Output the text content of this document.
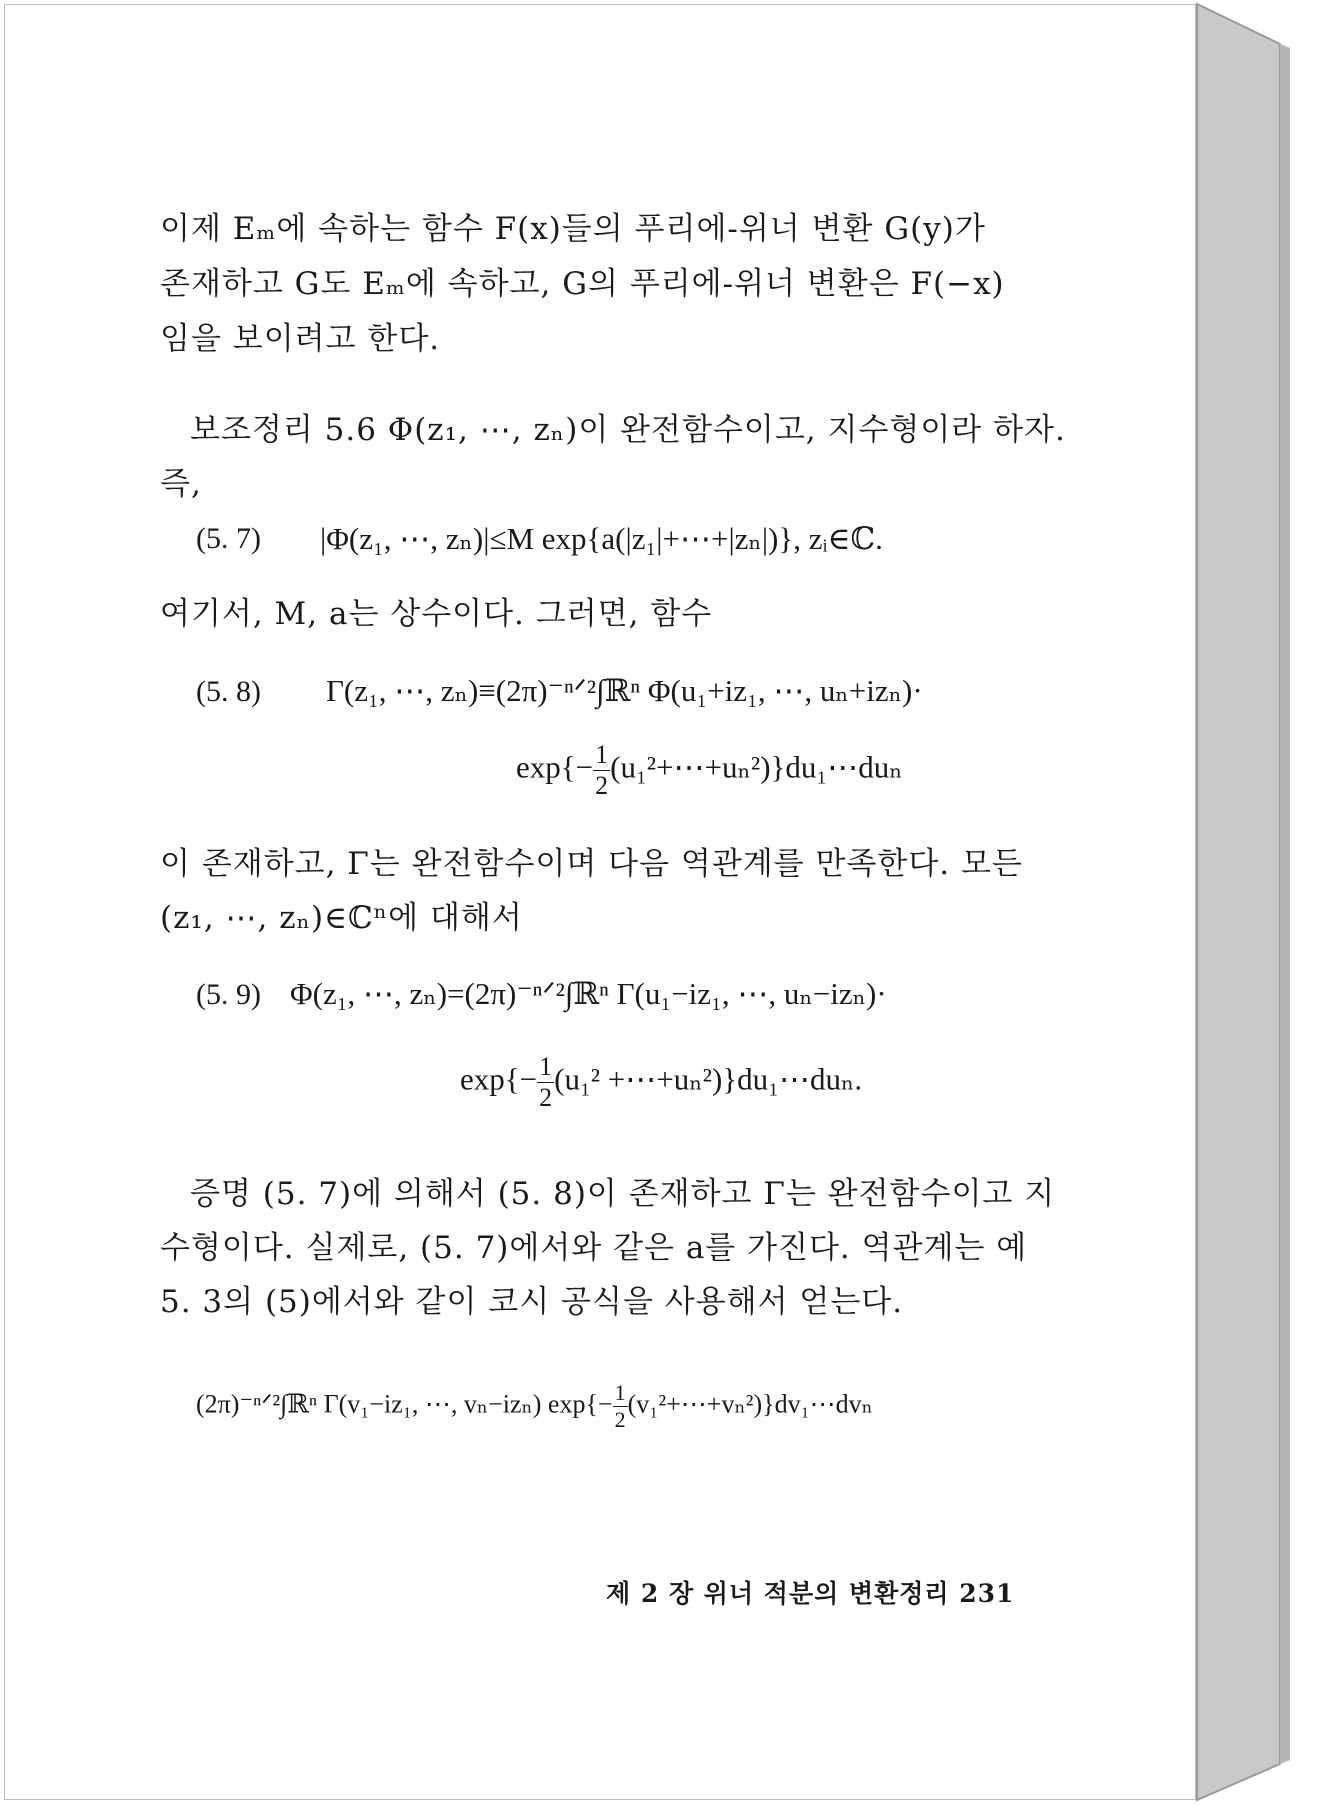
이제 Eₘ에 속하는 함수 F(x)들의 푸리에-위너 변환 G(y)가
존재하고 G도 Eₘ에 속하고, G의 푸리에-위너 변환은 F(−x)
임을 보이려고 한다.
보조정리 5.6 Φ(z₁, ⋯, zₙ)이 완전함수이고, 지수형이라 하자.
즉,
(5. 7) |Φ(z₁, ⋯, zₙ)|≤M exp{a(|z₁|+⋯+|zₙ|)}, zᵢ∈ℂ.
여기서, M, a는 상수이다. 그러면, 함수
(5. 8) Γ(z₁, ⋯, zₙ)≡(2π)⁻ⁿᐟ²∫ℝⁿ Φ(u₁+iz₁, ⋯, uₙ+izₙ)·
$\exp\{- \frac{1}{2}$ (u₁²+⋯+uₙ²)}du₁⋯duₙ
이 존재하고, Γ는 완전함수이며 다음 역관계를 만족한다. 모든
(z₁, ⋯, zₙ)∈ℂⁿ에 대해서
(5. 9) Φ(z₁, ⋯, zₙ)=(2π)⁻ⁿᐟ²∫ℝⁿ Γ(u₁−iz₁, ⋯, uₙ−izₙ)·
$\exp\{- \frac{1}{2} (u_1^2$ +⋯+uₙ²)}du₁⋯duₙ.
증명 (5. 7)에 의해서 (5. 8)이 존재하고 Γ는 완전함수이고 지
수형이다. 실제로, (5. 7)에서와 같은 a를 가진다. 역관계는 예
5. 3의 (5)에서와 같이 코시 공식을 사용해서 얻는다.
(2π)⁻ⁿᐟ²∫ℝⁿ Γ(v₁−iz₁, ⋯, vₙ−izₙ) $\exp\{- \frac{1}{2}$ (v₁²+⋯+vₙ²)}dv₁⋯dvₙ
제 2 장 위너 적분의 변환정리 231
